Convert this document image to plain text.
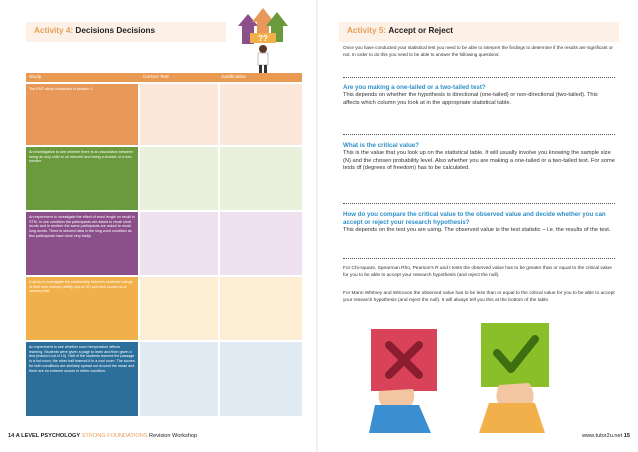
Activity 4: Decisions Decisions
??
Study	Correct Test	Justification
The EMT study conducted in session 1.
An investigation to see whether there is an association between being an only child or on introvert and being a smoker or a non-smoker.
An experiment to investigate the effect of word length on recall in STM. In one condition the participants are asked to recall short words and in another the same participants are asked to recall long words. There is skewed data in the long word condition as few participants have done very badly.
A study to investigate the relationship between students' ratings of their own memory ability (out of 10) and their scores on a memory test.
An experiment to see whether room temperature affects learning. Students were given a page to learn and then given a test (marked out of 10). Half of the students learned the passage in a hot room, the other half learned it in a cool room. The scores for both conditions are similarly spread out around the mean and there are no extreme scores in either condition.
14 A LEVEL PSYCHOLOGY STRONG FOUNDATIONS Revision Workshop
Activity 5: Accept or Reject
Once you have conducted your statistical test you need to be able to interpret the findings to determine if the results are significant or not. In order to do this you need to be able to answer the following questions:
Are you making a one-tailed or a two-tailed test?
This depends on whether the hypothesis is directional (one-tailed) or non-directional (two-tailed). This affects which column you look at in the appropriate statistical table.
What is the critical value?
This is the value that you look up on the statistical table. It will usually involve you knowing the sample size (N) and the chosen probability level. Also whether you are making a one-tailed or a two-tailed test. For some tests df (degrees of freedom) has to be calculated.
How do you compare the critical value to the observed value and decide whether you can accept or reject your research hypothesis?
This depends on the test you are using. The observed value is the test statistic – i.e. the results of the test.
For Chi-square, Spearman Rho, Pearson's R and t tests the observed value has to be greater than or equal to the critical value for you to be able to accept your research hypothesis (and reject the null).
For Mann Whitney and Wilcoxon the observed value has to be less than or equal to the critical value for you to be able to accept your research hypothesis (and reject the null). It will always tell you this at the bottom of the table.
www.tutor2u.net 15
